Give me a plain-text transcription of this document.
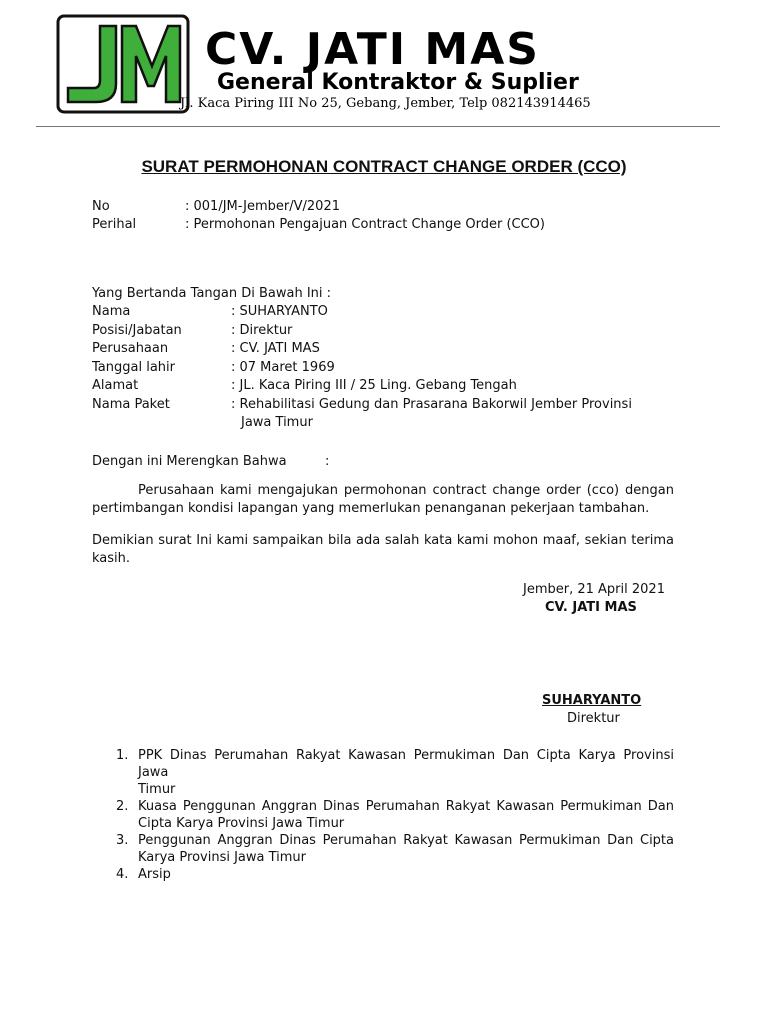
JM
CV. JATI MAS
General Kontraktor & Suplier
Jl. Kaca Piring III No 25, Gebang, Jember, Telp 082143914465
SURAT PERMOHONAN CONTRACT CHANGE ORDER (CCO)
No	: 001/JM-Jember/V/2021
Perihal	: Permohonan Pengajuan Contract Change Order (CCO)
Yang Bertanda Tangan Di Bawah Ini :
Nama	: SUHARYANTO
Posisi/Jabatan	: Direktur
Perusahaan	: CV. JATI MAS
Tanggal lahir	: 07 Maret 1969
Alamat	: JL. Kaca Piring III / 25 Ling. Gebang Tengah
Nama Paket	: Rehabilitasi Gedung dan Prasarana Bakorwil Jember Provinsi
Jawa Timur
Dengan ini Merengkan Bahwa	:
Perusahaan kami mengajukan permohonan contract change order (cco) dengan
pertimbangan kondisi lapangan yang memerlukan penanganan pekerjaan tambahan.
Demikian surat Ini kami sampaikan bila ada salah kata kami mohon maaf, sekian terima
kasih.
Jember, 21 April 2021
CV. JATI MAS
SUHARYANTO
Direktur
1. PPK Dinas Perumahan Rakyat Kawasan Permukiman Dan Cipta Karya Provinsi Jawa
Timur
2. Kuasa Penggunan Anggran Dinas Perumahan Rakyat Kawasan Permukiman Dan
Cipta Karya Provinsi Jawa Timur
3. Penggunan Anggran Dinas Perumahan Rakyat Kawasan Permukiman Dan Cipta
Karya Provinsi Jawa Timur
4. Arsip
